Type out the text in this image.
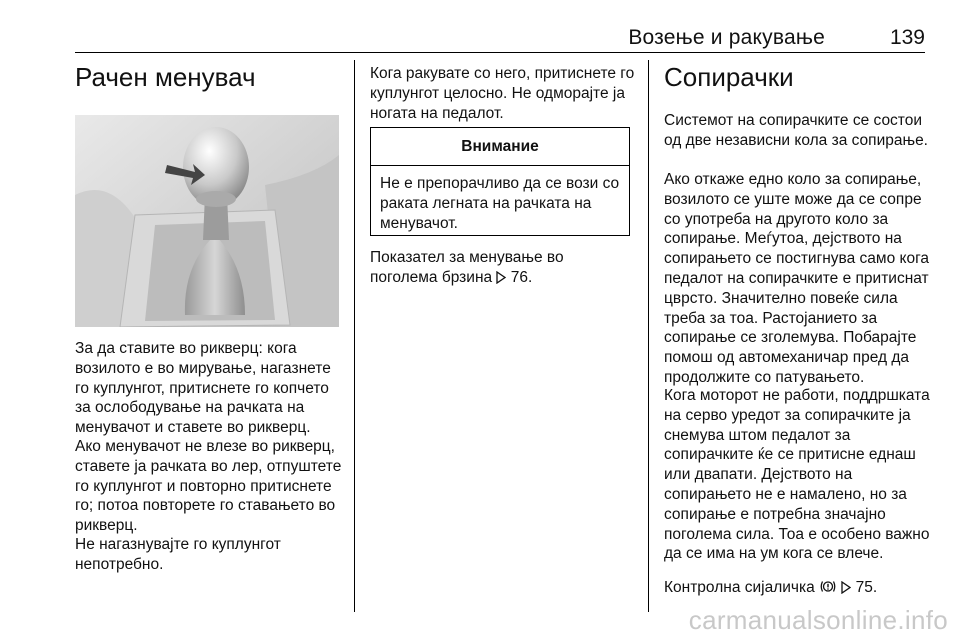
Возење и ракување	139
Рачен менувач

За да ставите во рикверц: кога возилото е во мирување, нагазнете го куплунгот, притиснете го копчето за ослободување на рачката на менувачот и ставете во рикверц.

Ако менувачот не влезе во рикверц, ставете ја рачката во лер, отпуштете го куплунгот и повторно притиснете го; потоа повторете го ставањето во рикверц.

Не нагазнувајте го куплунгот непотребно.

Кога ракувате со него, притиснете го куплунгот целосно. Не одмораjте ја ногата на педалот.

Внимание
Не е препорачливо да се вози со раката легната на рачката на менувачот.

Показател за менување во поголема брзина 76.

Сопирачки

Системот на сопирачките се состои од две независни кола за сопирање.

Ако откаже едно коло за сопирање, возилото се уште може да се сопре со употреба на другото коло за сопирање. Меѓутоа, дејството на сопирањето се постигнува само кога педалот на сопирачките е притиснат цврсто. Значително повеќе сила треба за тоа. Растојанието за сопирање се зголемува. Побарајте помош од автомеханичар пред да продолжите со патувањето.

Кога моторот не работи, поддршката на серво уредот за сопирачките ја снемува штом педалот за сопирачките ќе се притисне еднаш или двапати. Дејството на сопирањето не е намалено, но за сопирање е потребна значајно поголема сила. Тоа е особено важно да се има на ум кога се влече.

Контролна сијаличка	75.

carmanualsonline.info
